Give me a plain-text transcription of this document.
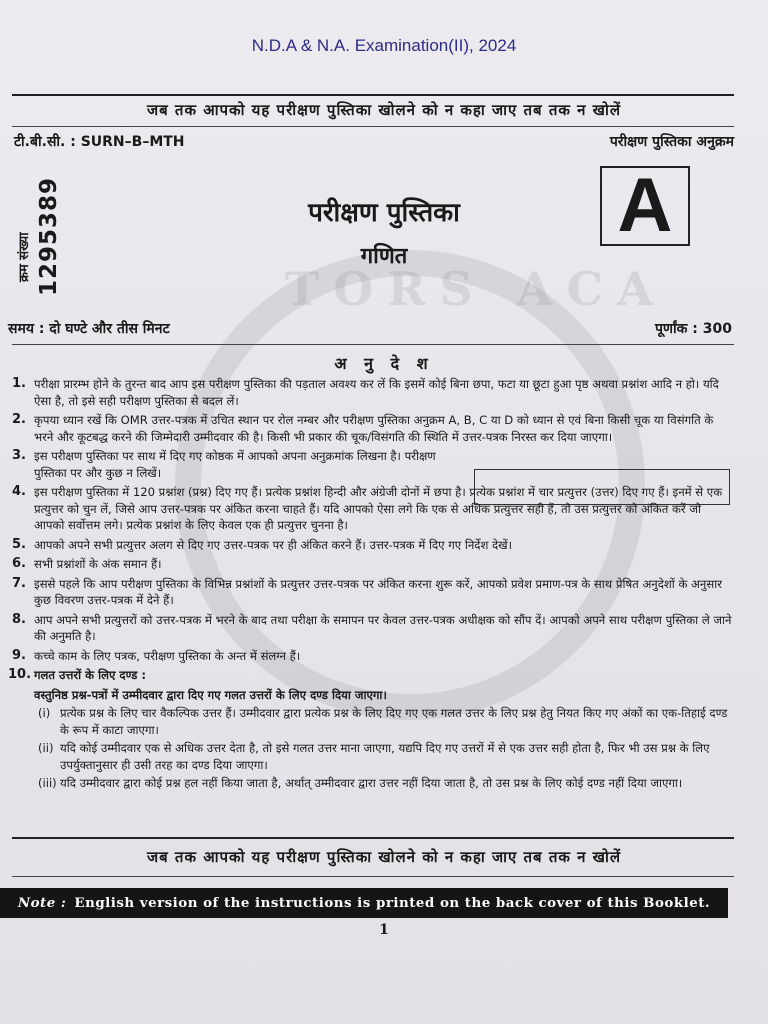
TORS ACA
N.D.A & N.A. Examination(II), 2024
जब तक आपको यह परीक्षण पुस्तिका खोलने को न कहा जाए तब तक न खोलें
टी.बी.सी. : SURN–B–MTH	परीक्षण पुस्तिका अनुक्रम
क्रम संख्या 1295389	परीक्षण पुस्तिका
गणित
A
समय : दो घण्टे और तीस मिनट	पूर्णांक : 300
अ नु दे श
1. परीक्षा प्रारम्भ होने के तुरन्त बाद आप इस परीक्षण पुस्तिका की पड़ताल अवश्य कर लें कि इसमें कोई बिना छपा, फटा या छूटा हुआ पृष्ठ अथवा प्रश्नांश आदि न हो। यदि ऐसा है, तो इसे सही परीक्षण पुस्तिका से बदल लें।
2. कृपया ध्यान रखें कि OMR उत्तर-पत्रक में उचित स्थान पर रोल नम्बर और परीक्षण पुस्तिका अनुक्रम A, B, C या D को ध्यान से एवं बिना किसी चूक या विसंगति के भरने और कूटबद्ध करने की जिम्मेदारी उम्मीदवार की है। किसी भी प्रकार की चूक/विसंगति की स्थिति में उत्तर-पत्रक निरस्त कर दिया जाएगा।
3. इस परीक्षण पुस्तिका पर साथ में दिए गए कोष्ठक में आपको अपना अनुक्रमांक लिखना है। परीक्षण पुस्तिका पर और कुछ न लिखें।
4. इस परीक्षण पुस्तिका में 120 प्रश्नांश (प्रश्न) दिए गए हैं। प्रत्येक प्रश्नांश हिन्दी और अंग्रेजी दोनों में छपा है। प्रत्येक प्रश्नांश में चार प्रत्युत्तर (उत्तर) दिए गए हैं। इनमें से एक प्रत्युत्तर को चुन लें, जिसे आप उत्तर-पत्रक पर अंकित करना चाहते हैं। यदि आपको ऐसा लगे कि एक से अधिक प्रत्युत्तर सही हैं, तो उस प्रत्युत्तर को अंकित करें जो आपको सर्वोत्तम लगे। प्रत्येक प्रश्नांश के लिए केवल एक ही प्रत्युत्तर चुनना है।
5. आपको अपने सभी प्रत्युत्तर अलग से दिए गए उत्तर-पत्रक पर ही अंकित करने हैं। उत्तर-पत्रक में दिए गए निर्देश देखें।
6. सभी प्रश्नांशों के अंक समान हैं।
7. इससे पहले कि आप परीक्षण पुस्तिका के विभिन्न प्रश्नांशों के प्रत्युत्तर उत्तर-पत्रक पर अंकित करना शुरू करें, आपको प्रवेश प्रमाण-पत्र के साथ प्रेषित अनुदेशों के अनुसार कुछ विवरण उत्तर-पत्रक में देने हैं।
8. आप अपने सभी प्रत्युत्तरों को उत्तर-पत्रक में भरने के बाद तथा परीक्षा के समापन पर केवल उत्तर-पत्रक अधीक्षक को सौंप दें। आपको अपने साथ परीक्षण पुस्तिका ले जाने की अनुमति है।
9. कच्चे काम के लिए पत्रक, परीक्षण पुस्तिका के अन्त में संलग्न हैं।
10. गलत उत्तरों के लिए दण्ड :
वस्तुनिष्ठ प्रश्न-पत्रों में उम्मीदवार द्वारा दिए गए गलत उत्तरों के लिए दण्ड दिया जाएगा।
(i) प्रत्येक प्रश्न के लिए चार वैकल्पिक उत्तर हैं। उम्मीदवार द्वारा प्रत्येक प्रश्न के लिए दिए गए एक गलत उत्तर के लिए प्रश्न हेतु नियत किए गए अंकों का एक-तिहाई दण्ड के रूप में काटा जाएगा।
(ii) यदि कोई उम्मीदवार एक से अधिक उत्तर देता है, तो इसे गलत उत्तर माना जाएगा, यद्यपि दिए गए उत्तरों में से एक उत्तर सही होता है, फिर भी उस प्रश्न के लिए उपर्युक्तानुसार ही उसी तरह का दण्ड दिया जाएगा।
(iii) यदि उम्मीदवार द्वारा कोई प्रश्न हल नहीं किया जाता है, अर्थात् उम्मीदवार द्वारा उत्तर नहीं दिया जाता है, तो उस प्रश्न के लिए कोई दण्ड नहीं दिया जाएगा।
जब तक आपको यह परीक्षण पुस्तिका खोलने को न कहा जाए तब तक न खोलें
Note : English version of the instructions is printed on the back cover of this Booklet.
1
